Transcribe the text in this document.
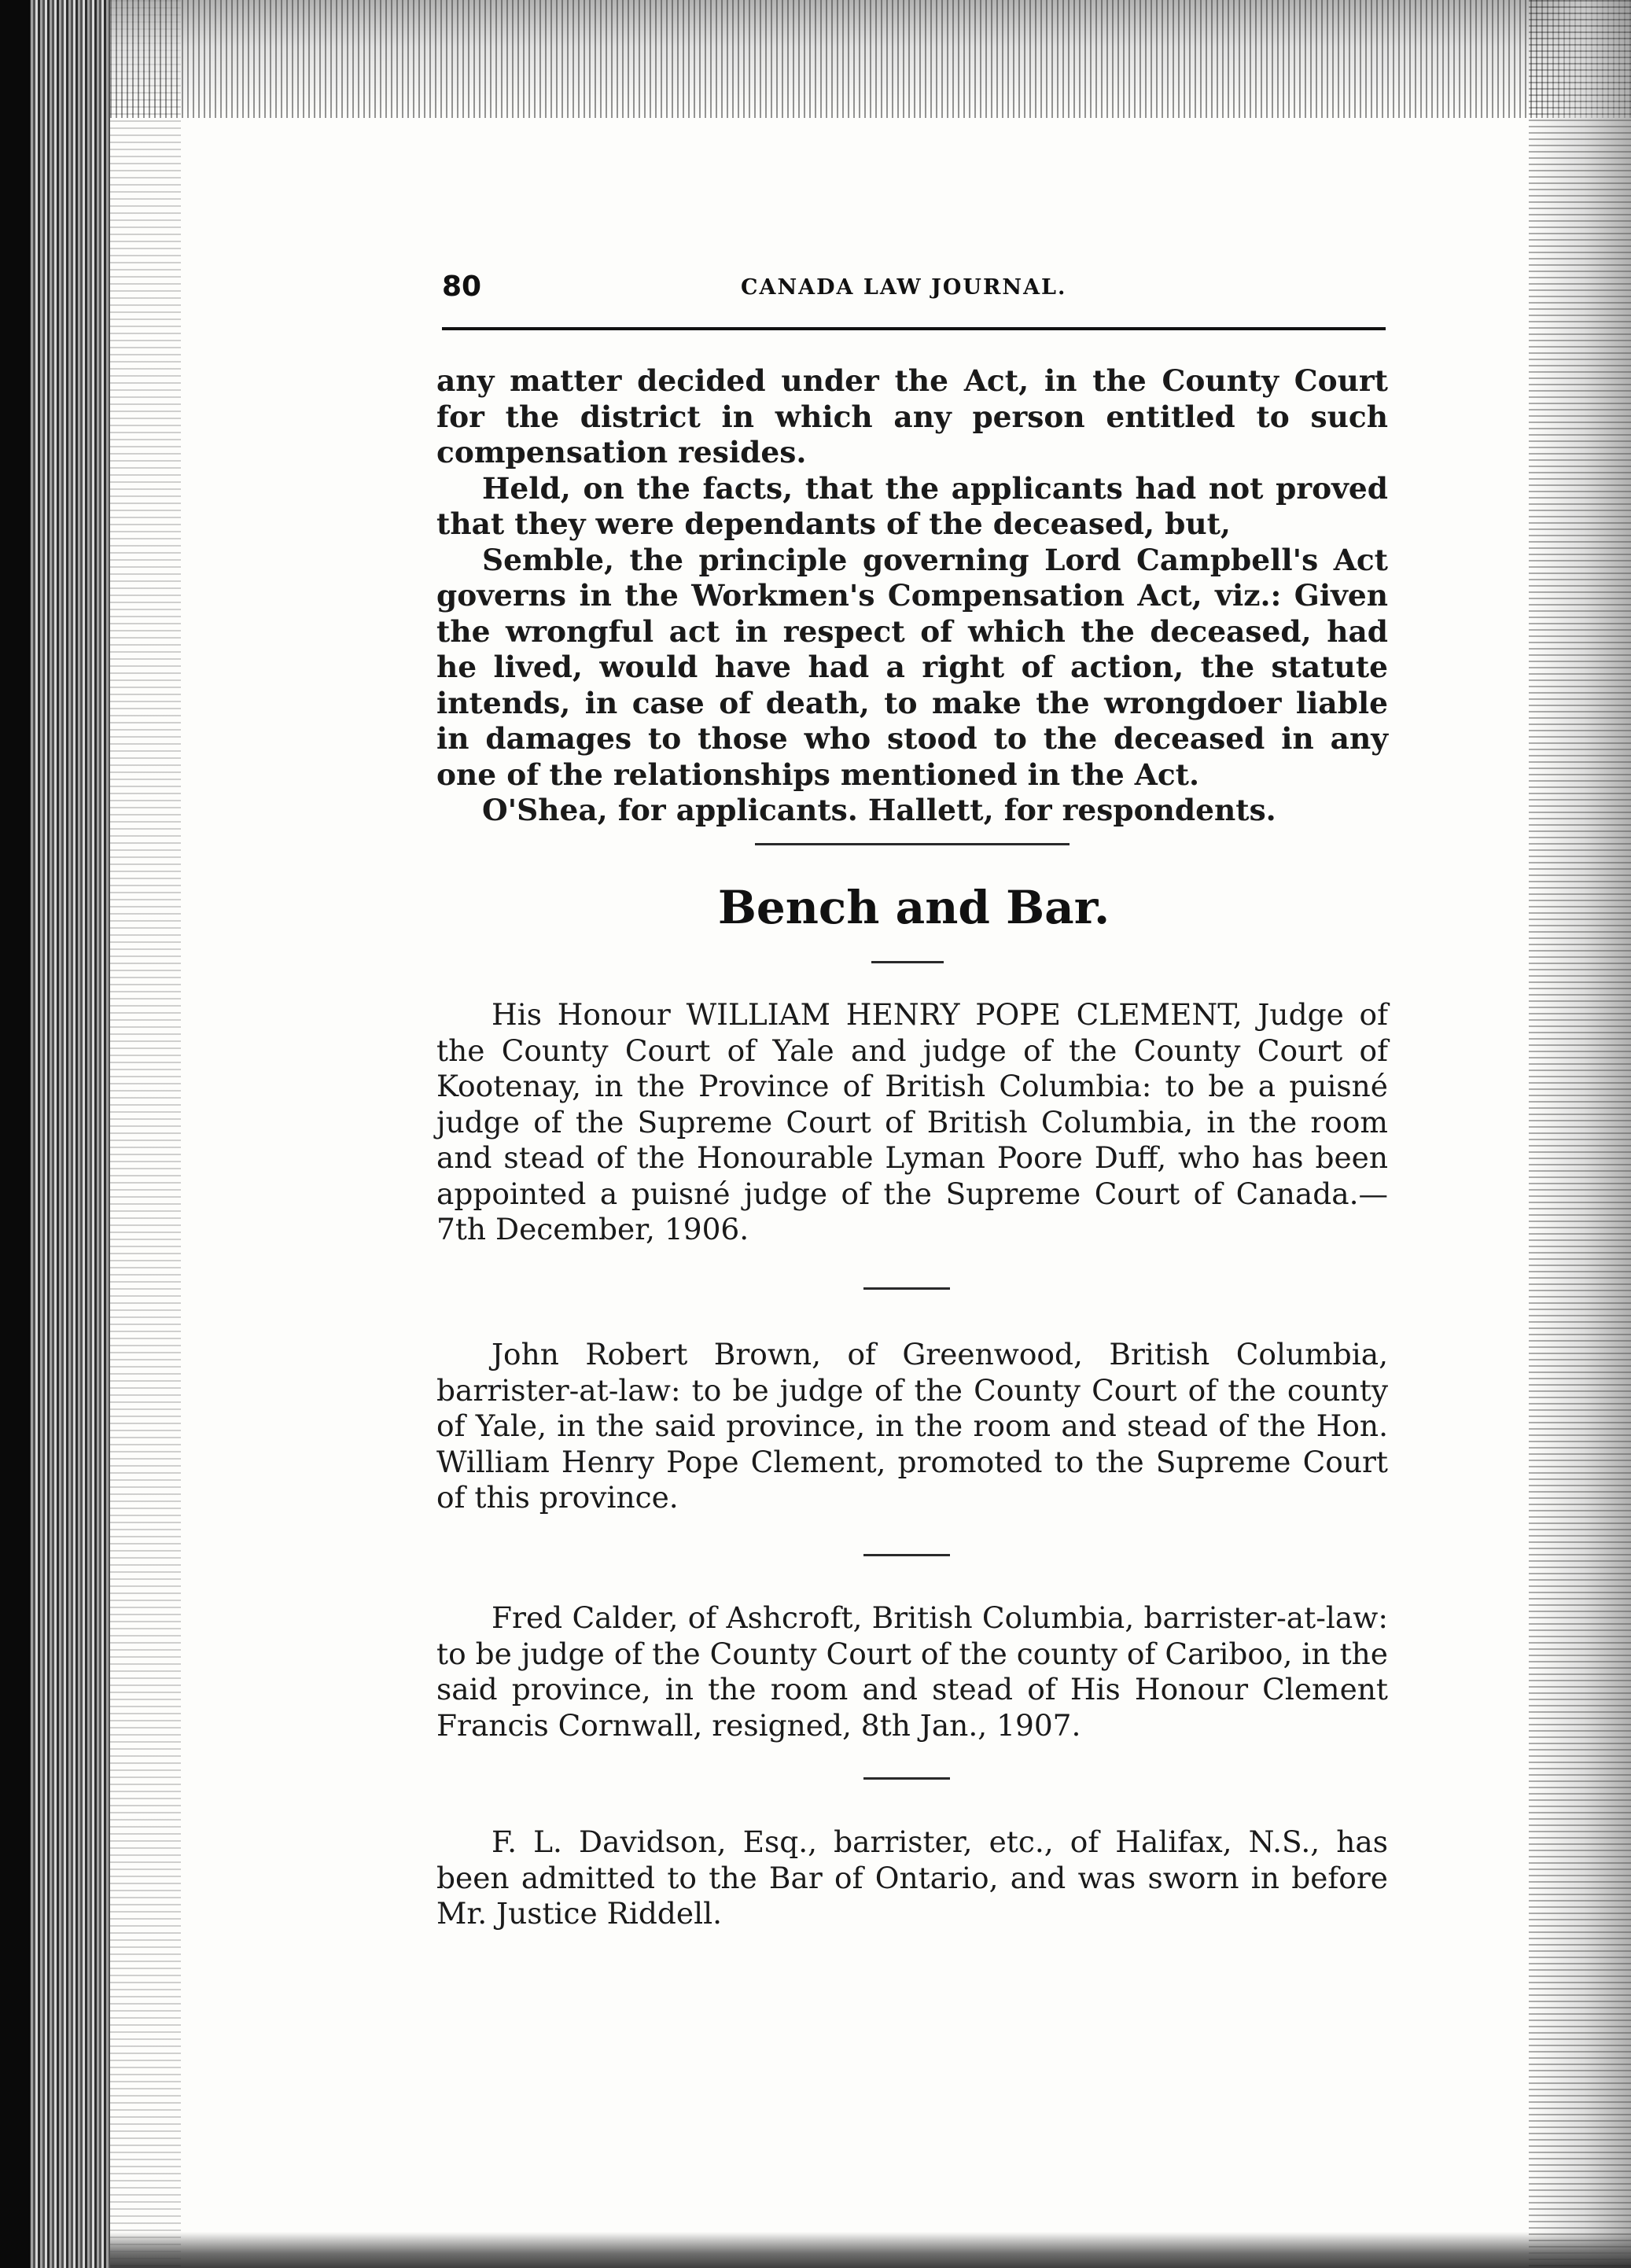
80	CANADA LAW JOURNAL.

any matter decided under the Act, in the County Court for the district in which any person entitled to such compensation resides.

Held, on the facts, that the applicants had not proved that they were dependants of the deceased, but,

Semble, the principle governing Lord Campbell's Act governs in the Workmen's Compensation Act, viz.: Given the wrongful act in respect of which the deceased, had he lived, would have had a right of action, the statute intends, in case of death, to make the wrongdoer liable in damages to those who stood to the deceased in any one of the relationships mentioned in the Act.

O'Shea, for applicants. Hallett, for respondents.

Bench and Bar.

His Honour WILLIAM HENRY POPE CLEMENT, Judge of the County Court of Yale and judge of the County Court of Kootenay, in the Province of British Columbia: to be a puisné judge of the Supreme Court of British Columbia, in the room and stead of the Honourable Lyman Poore Duff, who has been appointed a puisné judge of the Supreme Court of Canada.—7th December, 1906.

John Robert Brown, of Greenwood, British Columbia, barrister-at-law: to be judge of the County Court of the county of Yale, in the said province, in the room and stead of the Hon. William Henry Pope Clement, promoted to the Supreme Court of this province.

Fred Calder, of Ashcroft, British Columbia, barrister-at-law: to be judge of the County Court of the county of Cariboo, in the said province, in the room and stead of His Honour Clement Francis Cornwall, resigned, 8th Jan., 1907.

F. L. Davidson, Esq., barrister, etc., of Halifax, N.S., has been admitted to the Bar of Ontario, and was sworn in before Mr. Justice Riddell.
